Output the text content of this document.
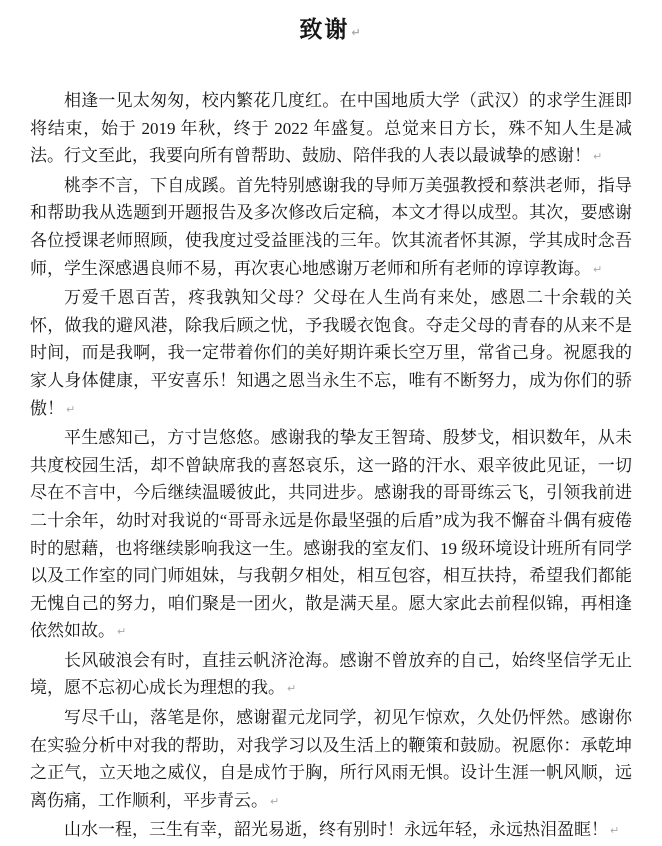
致谢 ↵

相逢一见太匆匆，校内繁花几度红。在中国地质大学（武汉）的求学生涯即将结束，始于 2019 年秋，终于 2022 年盛复。总觉来日方长，殊不知人生是减法。行文至此，我要向所有曾帮助、鼓励、陪伴我的人表以最诚挚的感谢！ ↵

桃李不言，下自成蹊。首先特别感谢我的导师万美强教授和蔡洪老师，指导和帮助我从选题到开题报告及多次修改后定稿，本文才得以成型。其次，要感谢各位授课老师照顾，使我度过受益匪浅的三年。饮其流者怀其源，学其成时念吾师，学生深感遇良师不易，再次衷心地感谢万老师和所有老师的谆谆教诲。 ↵

万爱千恩百苦，疼我孰知父母？父母在人生尚有来处，感恩二十余载的关怀，做我的避风港，除我后顾之忧，予我暖衣饱食。夺走父母的青春的从来不是时间，而是我啊，我一定带着你们的美好期许乘长空万里，常省己身。祝愿我的家人身体健康，平安喜乐！知遇之恩当永生不忘，唯有不断努力，成为你们的骄傲！ ↵

平生感知己，方寸岂悠悠。感谢我的挚友王智琦、殷梦戈，相识数年，从未共度校园生活，却不曾缺席我的喜怒哀乐，这一路的汗水、艰辛彼此见证，一切尽在不言中，今后继续温暖彼此，共同进步。感谢我的哥哥练云飞，引领我前进二十余年，幼时对我说的“哥哥永远是你最坚强的后盾”成为我不懈奋斗偶有疲倦时的慰藉，也将继续影响我这一生。感谢我的室友们、19 级环境设计班所有同学以及工作室的同门师姐妹，与我朝夕相处，相互包容，相互扶持，希望我们都能无愧自己的努力，咱们聚是一团火，散是满天星。愿大家此去前程似锦，再相逢依然如故。 ↵

长风破浪会有时，直挂云帆济沧海。感谢不曾放弃的自己，始终坚信学无止境，愿不忘初心成长为理想的我。 ↵

写尽千山，落笔是你，感谢翟元龙同学，初见乍惊欢，久处仍怦然。感谢你在实验分析中对我的帮助，对我学习以及生活上的鞭策和鼓励。祝愿你：承乾坤之正气，立天地之威仪，自是成竹于胸，所行风雨无惧。设计生涯一帆风顺，远离伤痛，工作顺利，平步青云。 ↵

山水一程，三生有幸，韶光易逝，终有别时！永远年轻，永远热泪盈眶！ ↵
